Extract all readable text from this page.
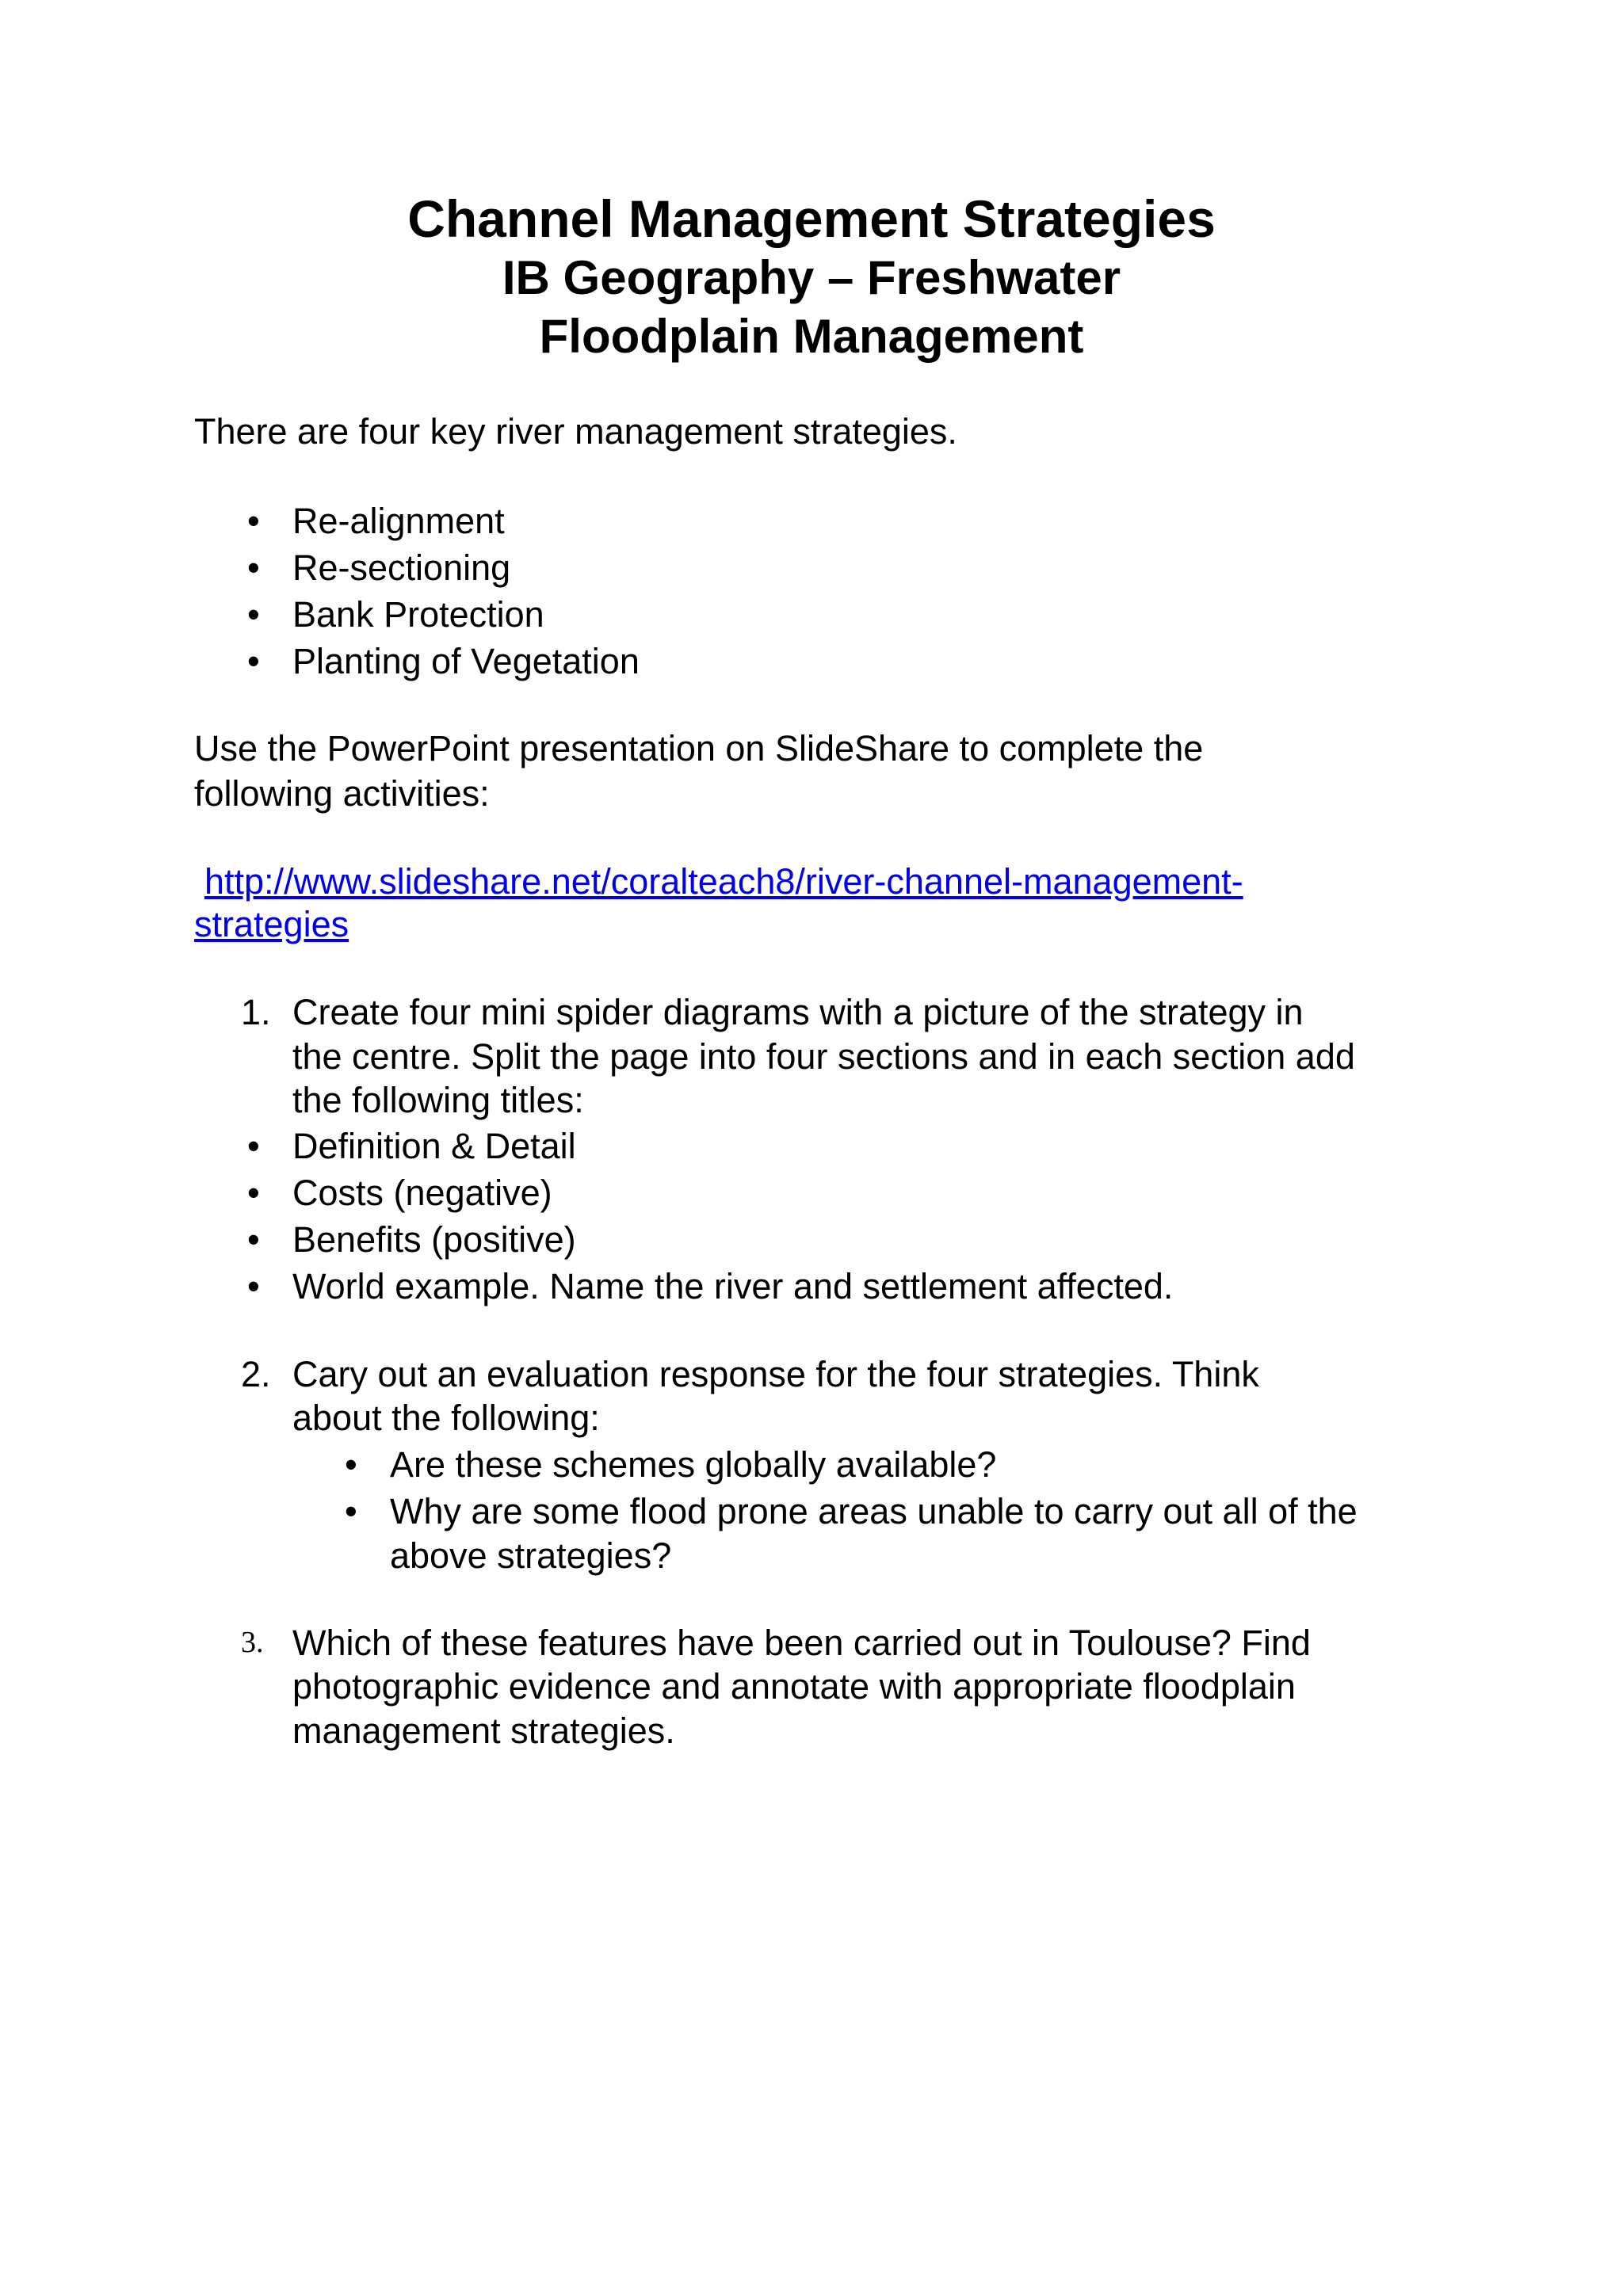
Channel Management Strategies
IB Geography – Freshwater
Floodplain Management
There are four key river management strategies.
• Re-alignment
• Re-sectioning
• Bank Protection
• Planting of Vegetation
Use the PowerPoint presentation on SlideShare to complete the
following activities:
http://www.slideshare.net/coralteach8/river-channel-management-
strategies
1. Create four mini spider diagrams with a picture of the strategy in
the centre. Split the page into four sections and in each section add
the following titles:
• Definition & Detail
• Costs (negative)
• Benefits (positive)
• World example. Name the river and settlement affected.
2. Cary out an evaluation response for the four strategies. Think
about the following:
• Are these schemes globally available?
• Why are some flood prone areas unable to carry out all of the
above strategies?
3. Which of these features have been carried out in Toulouse? Find
photographic evidence and annotate with appropriate floodplain
management strategies.
